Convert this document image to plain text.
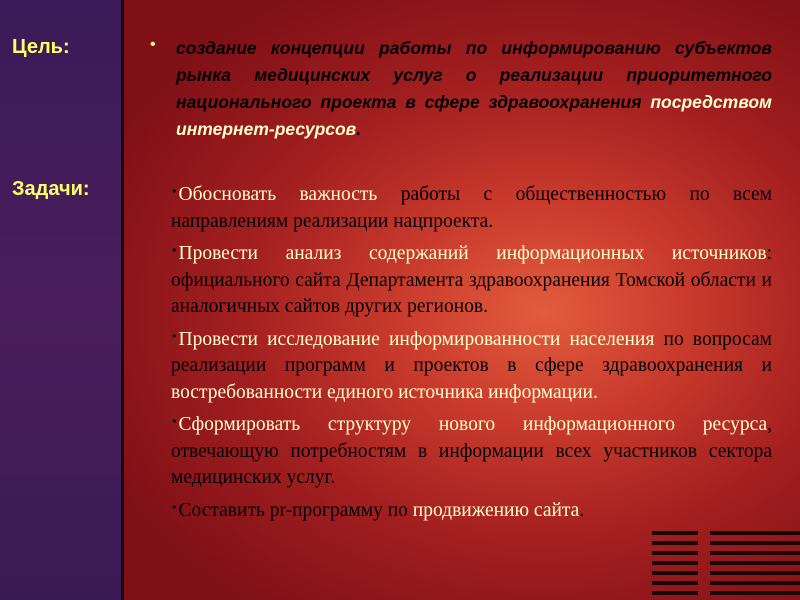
Цель:
Задачи:
• создание концепции работы по информированию субъектов рынка медицинских услуг о реализации приоритетного национального проекта в сфере здравоохранения посредством интернет-ресурсов.

•Обосновать важность работы с общественностью по всем направлениям реализации нацпроекта.
•Провести анализ содержаний информационных источников: официального сайта Департамента здравоохранения Томской области и аналогичных сайтов других регионов.
•Провести исследование информированности населения по вопросам реализации программ и проектов в сфере здравоохранения и востребованности единого источника информации.
•Сформировать структуру нового информационного ресурса, отвечающую потребностям в информации всех участников сектора медицинских услуг.
•Составить pr-программу по продвижению сайта.
